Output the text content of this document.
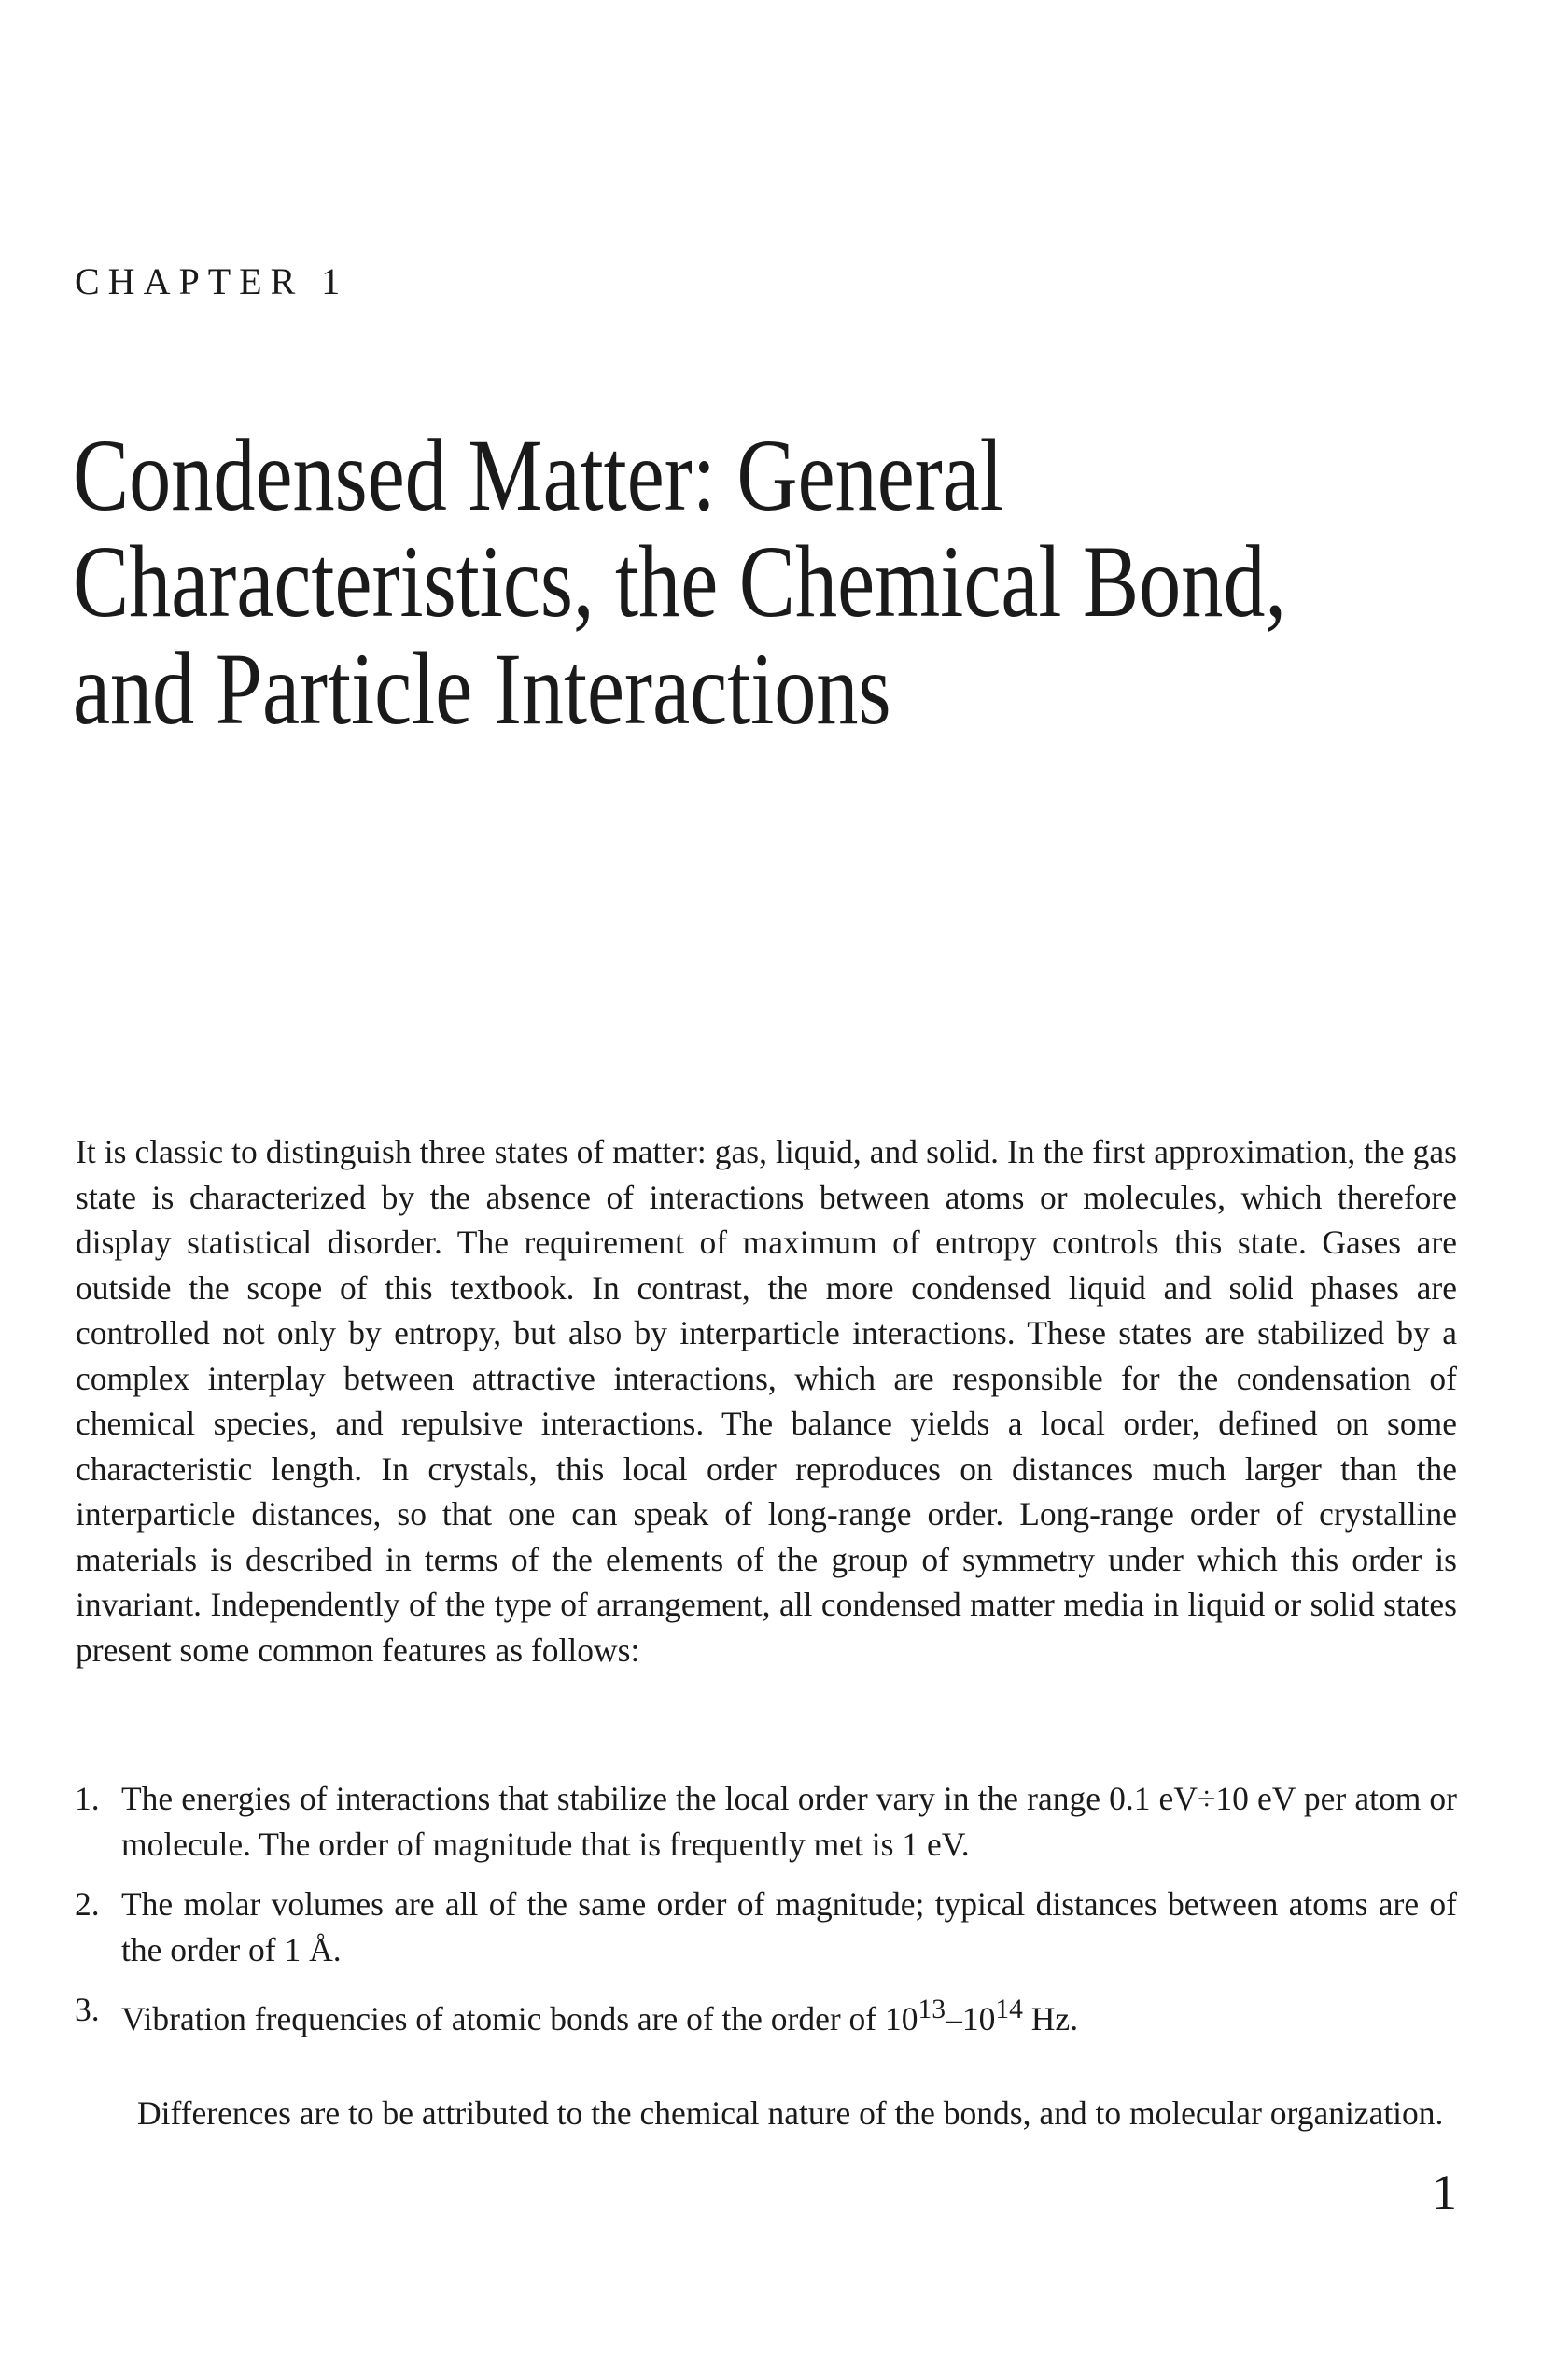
CHAPTER 1
Condensed Matter: General
Characteristics, the Chemical Bond,
and Particle Interactions

It is classic to distinguish three states of matter: gas, liquid, and solid. In the first approximation, the gas state is characterized by the absence of interactions between atoms or molecules, which therefore display statistical disorder. The requirement of maximum of entropy controls this state. Gases are outside the scope of this textbook. In contrast, the more condensed liquid and solid phases are controlled not only by entropy, but also by interparticle interactions. These states are stabilized by a complex interplay between attractive interactions, which are responsible for the condensation of chemical species, and repulsive interactions. The balance yields a local order, defined on some characteristic length. In crystals, this local order reproduces on distances much larger than the interparticle distances, so that one can speak of long-range order. Long-range order of crystalline materials is described in terms of the elements of the group of symmetry under which this order is invariant. Independently of the type of arrangement, all condensed matter media in liquid or solid states present some common features as follows:

1. The energies of interactions that stabilize the local order vary in the range 0.1 eV÷10 eV per atom or molecule. The order of magnitude that is frequently met is 1 eV.
2. The molar volumes are all of the same order of magnitude; typical distances between atoms are of the order of 1 Å.
3. Vibration frequencies of atomic bonds are of the order of $10^{13}-10^{14}$ Hz.

Differences are to be attributed to the chemical nature of the bonds, and to molecular organization.

1
